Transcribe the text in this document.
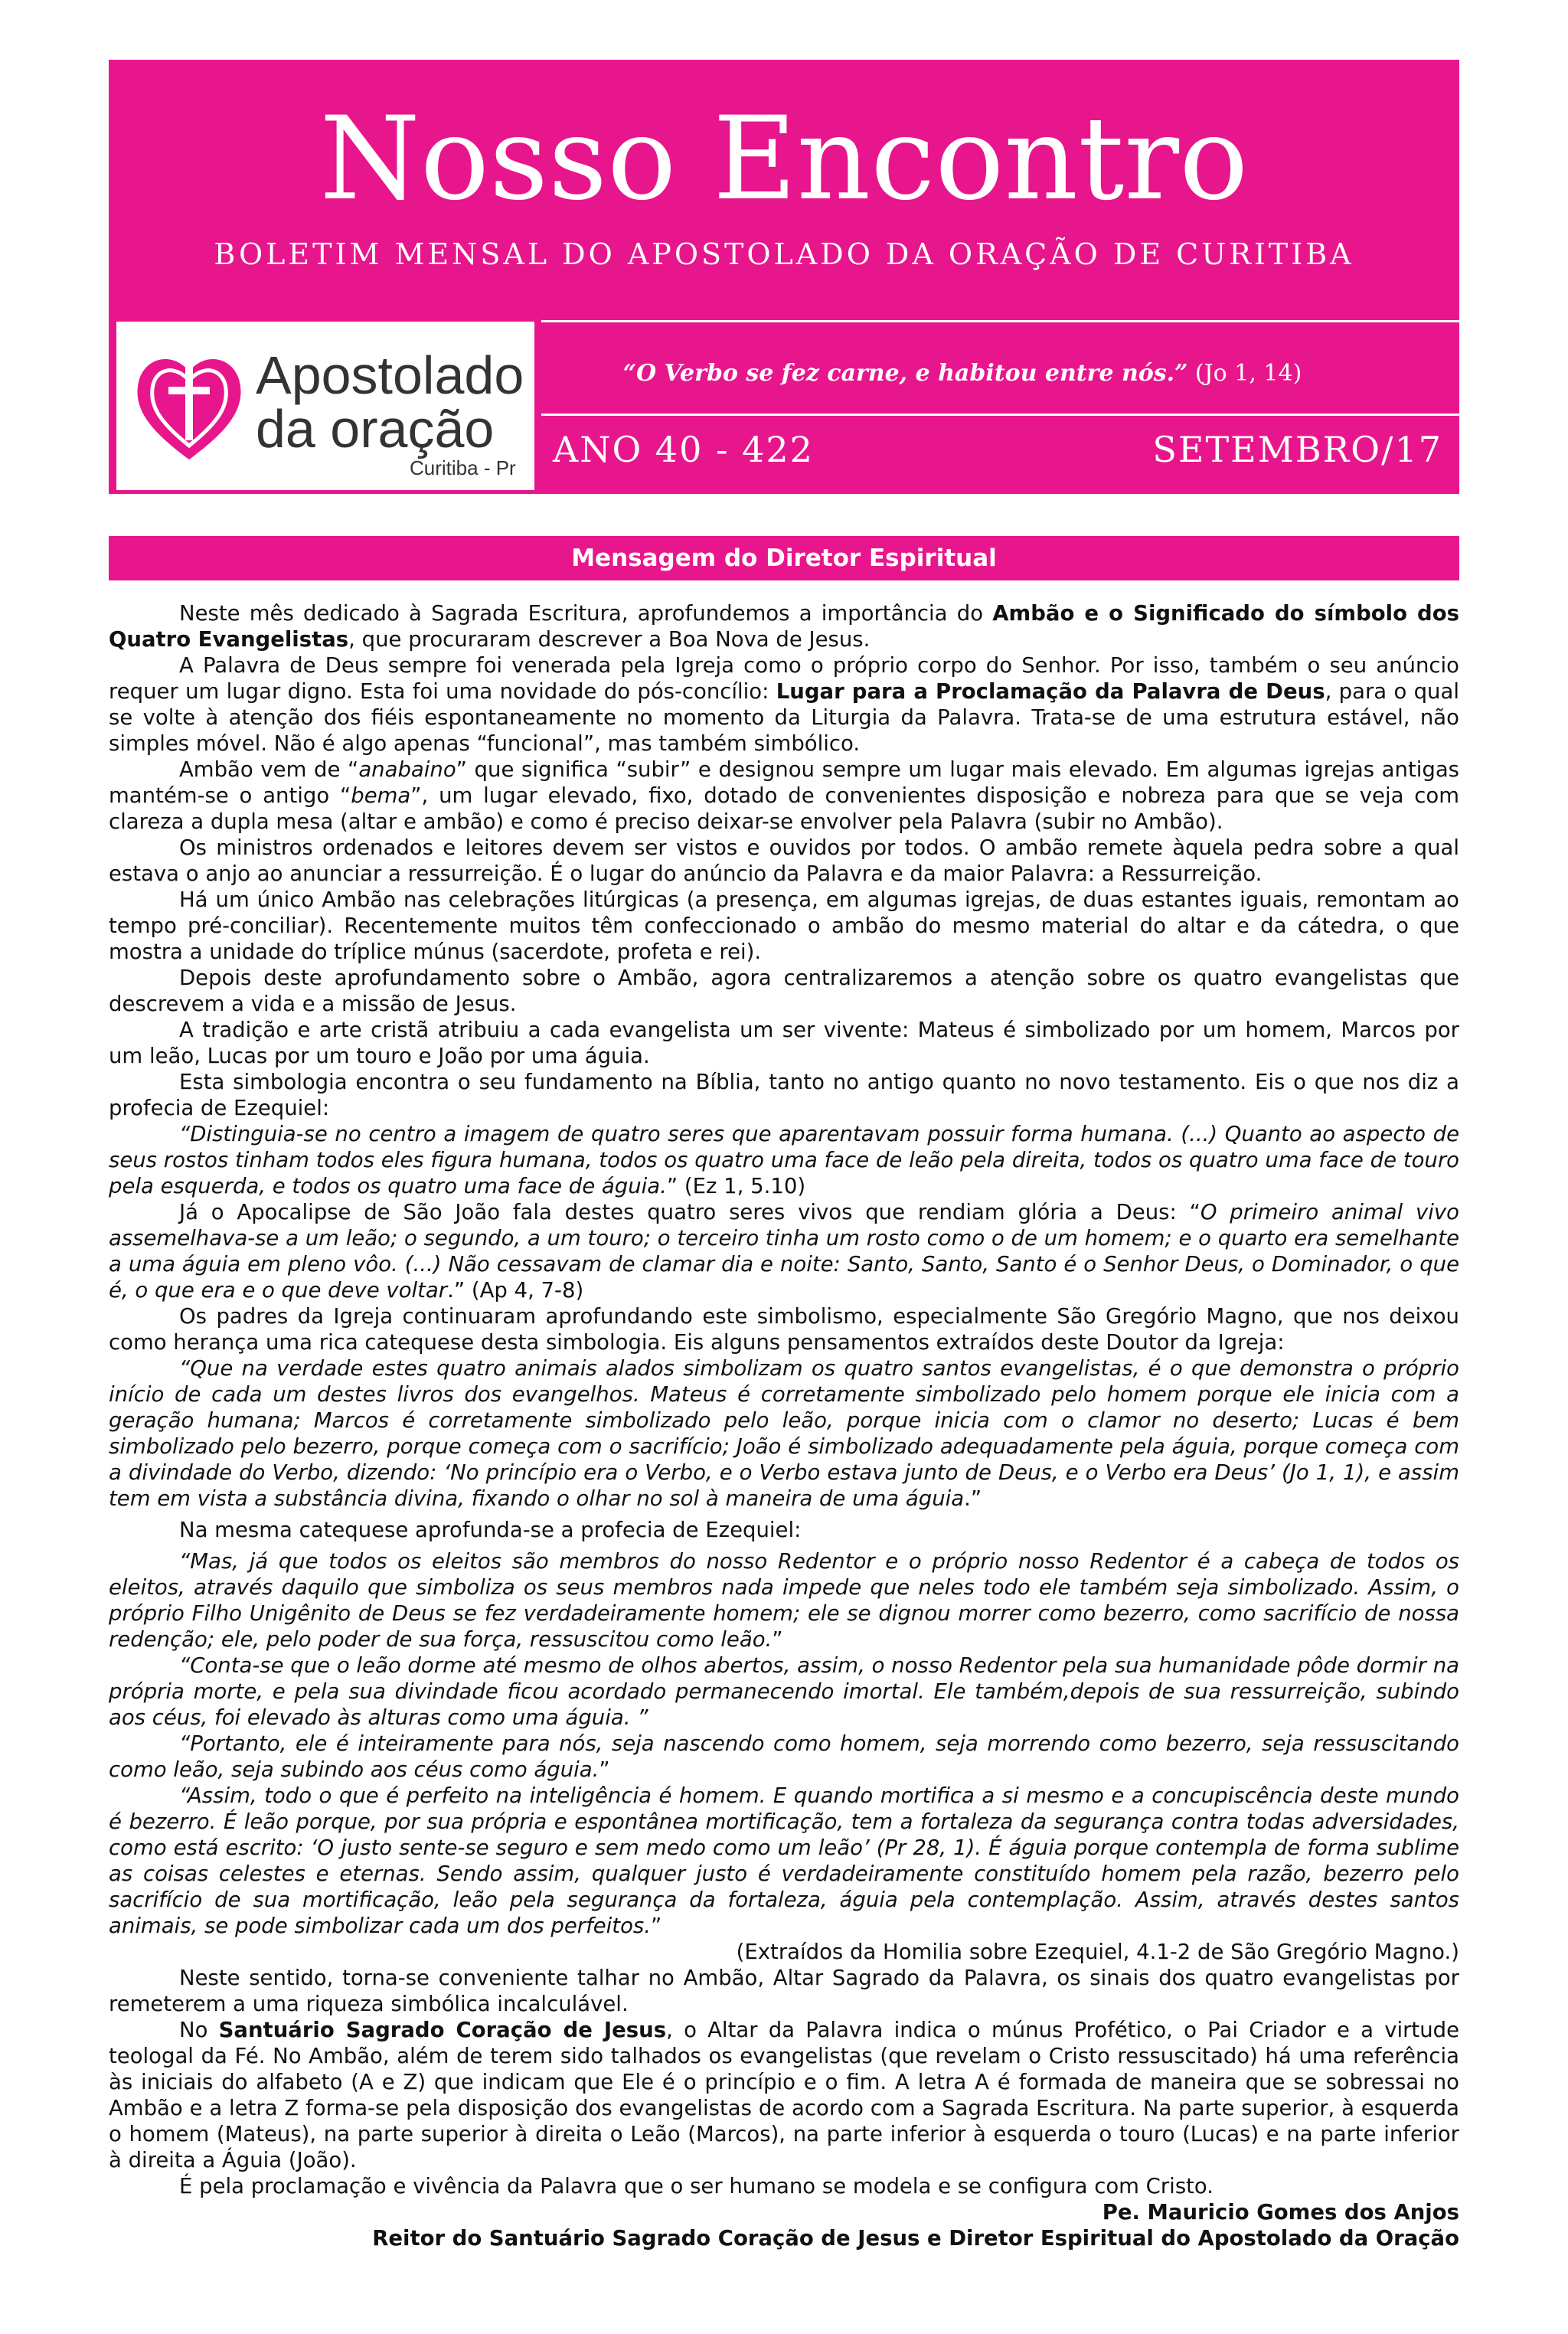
Nosso Encontro
BOLETIM MENSAL DO APOSTOLADO DA ORAÇÃO DE CURITIBA
Apostolado
da oração
Curitiba - Pr
“O Verbo se fez carne, e habitou entre nós.” (Jo 1, 14)
ANO 40 - 422	SETEMBRO/17
Mensagem do Diretor Espiritual

Neste mês dedicado à Sagrada Escritura, aprofundemos a importância do Ambão e o Significado do símbolo dos Quatro Evangelistas, que procuraram descrever a Boa Nova de Jesus.

A Palavra de Deus sempre foi venerada pela Igreja como o próprio corpo do Senhor. Por isso, também o seu anúncio requer um lugar digno. Esta foi uma novidade do pós-concílio: Lugar para a Proclamação da Palavra de Deus, para o qual se volte à atenção dos fiéis espontaneamente no momento da Liturgia da Palavra. Trata-se de uma estrutura estável, não simples móvel. Não é algo apenas “funcional”, mas também simbólico.

Ambão vem de “anabaino” que significa “subir” e designou sempre um lugar mais elevado. Em algumas igrejas antigas mantém-se o antigo “bema”, um lugar elevado, fixo, dotado de convenientes disposição e nobreza para que se veja com clareza a dupla mesa (altar e ambão) e como é preciso deixar-se envolver pela Palavra (subir no Ambão).

Os ministros ordenados e leitores devem ser vistos e ouvidos por todos. O ambão remete àquela pedra sobre a qual estava o anjo ao anunciar a ressurreição. É o lugar do anúncio da Palavra e da maior Palavra: a Ressurreição.

Há um único Ambão nas celebrações litúrgicas (a presença, em algumas igrejas, de duas estantes iguais, remontam ao tempo pré-conciliar). Recentemente muitos têm confeccionado o ambão do mesmo material do altar e da cátedra, o que mostra a unidade do tríplice múnus (sacerdote, profeta e rei).

Depois deste aprofundamento sobre o Ambão, agora centralizaremos a atenção sobre os quatro evangelistas que descrevem a vida e a missão de Jesus.

A tradição e arte cristã atribuiu a cada evangelista um ser vivente: Mateus é simbolizado por um homem, Marcos por um leão, Lucas por um touro e João por uma águia.

Esta simbologia encontra o seu fundamento na Bíblia, tanto no antigo quanto no novo testamento. Eis o que nos diz a profecia de Ezequiel:

“Distinguia-se no centro a imagem de quatro seres que aparentavam possuir forma humana. (...) Quanto ao aspecto de seus rostos tinham todos eles figura humana, todos os quatro uma face de leão pela direita, todos os quatro uma face de touro pela esquerda, e todos os quatro uma face de águia.” (Ez 1, 5.10)

Já o Apocalipse de São João fala destes quatro seres vivos que rendiam glória a Deus: “O primeiro animal vivo assemelhava-se a um leão; o segundo, a um touro; o terceiro tinha um rosto como o de um homem; e o quarto era semelhante a uma águia em pleno vôo. (...) Não cessavam de clamar dia e noite: Santo, Santo, Santo é o Senhor Deus, o Dominador, o que é, o que era e o que deve voltar.” (Ap 4, 7-8)

Os padres da Igreja continuaram aprofundando este simbolismo, especialmente São Gregório Magno, que nos deixou como herança uma rica catequese desta simbologia. Eis alguns pensamentos extraídos deste Doutor da Igreja:

“Que na verdade estes quatro animais alados simbolizam os quatro santos evangelistas, é o que demonstra o próprio início de cada um destes livros dos evangelhos. Mateus é corretamente simbolizado pelo homem porque ele inicia com a geração humana; Marcos é corretamente simbolizado pelo leão, porque inicia com o clamor no deserto; Lucas é bem simbolizado pelo bezerro, porque começa com o sacrifício; João é simbolizado adequadamente pela águia, porque começa com a divindade do Verbo, dizendo: ‘No princípio era o Verbo, e o Verbo estava junto de Deus, e o Verbo era Deus’ (Jo 1, 1), e assim tem em vista a substância divina, fixando o olhar no sol à maneira de uma águia.”

Na mesma catequese aprofunda-se a profecia de Ezequiel:

“Mas, já que todos os eleitos são membros do nosso Redentor e o próprio nosso Redentor é a cabeça de todos os eleitos, através daquilo que simboliza os seus membros nada impede que neles todo ele também seja simbolizado. Assim, o próprio Filho Unigênito de Deus se fez verdadeiramente homem; ele se dignou morrer como bezerro, como sacrifício de nossa redenção; ele, pelo poder de sua força, ressuscitou como leão.”

“Conta-se que o leão dorme até mesmo de olhos abertos, assim, o nosso Redentor pela sua humanidade pôde dormir na própria morte, e pela sua divindade ficou acordado permanecendo imortal. Ele também,depois de sua ressurreição, subindo aos céus, foi elevado às alturas como uma águia. ”

“Portanto, ele é inteiramente para nós, seja nascendo como homem, seja morrendo como bezerro, seja ressuscitando como leão, seja subindo aos céus como águia.”

“Assim, todo o que é perfeito na inteligência é homem. E quando mortifica a si mesmo e a concupiscência deste mundo é bezerro. É leão porque, por sua própria e espontânea mortificação, tem a fortaleza da segurança contra todas adversidades, como está escrito: ‘O justo sente-se seguro e sem medo como um leão’ (Pr 28, 1). É águia porque contempla de forma sublime as coisas celestes e eternas. Sendo assim, qualquer justo é verdadeiramente constituído homem pela razão, bezerro pelo sacrifício de sua mortificação, leão pela segurança da fortaleza, águia pela contemplação. Assim, através destes santos animais, se pode simbolizar cada um dos perfeitos.”

(Extraídos da Homilia sobre Ezequiel, 4.1-2 de São Gregório Magno.)

Neste sentido, torna-se conveniente talhar no Ambão, Altar Sagrado da Palavra, os sinais dos quatro evangelistas por remeterem a uma riqueza simbólica incalculável.

No Santuário Sagrado Coração de Jesus, o Altar da Palavra indica o múnus Profético, o Pai Criador e a virtude teologal da Fé. No Ambão, além de terem sido talhados os evangelistas (que revelam o Cristo ressuscitado) há uma referência às iniciais do alfabeto (A e Z) que indicam que Ele é o princípio e o fim. A letra A é formada de maneira que se sobressai no Ambão e a letra Z forma-se pela disposição dos evangelistas de acordo com a Sagrada Escritura. Na parte superior, à esquerda o homem (Mateus), na parte superior à direita o Leão (Marcos), na parte inferior à esquerda o touro (Lucas) e na parte inferior à direita a Águia (João).

É pela proclamação e vivência da Palavra que o ser humano se modela e se configura com Cristo.

Pe. Mauricio Gomes dos Anjos

Reitor do Santuário Sagrado Coração de Jesus e Diretor Espiritual do Apostolado da Oração
